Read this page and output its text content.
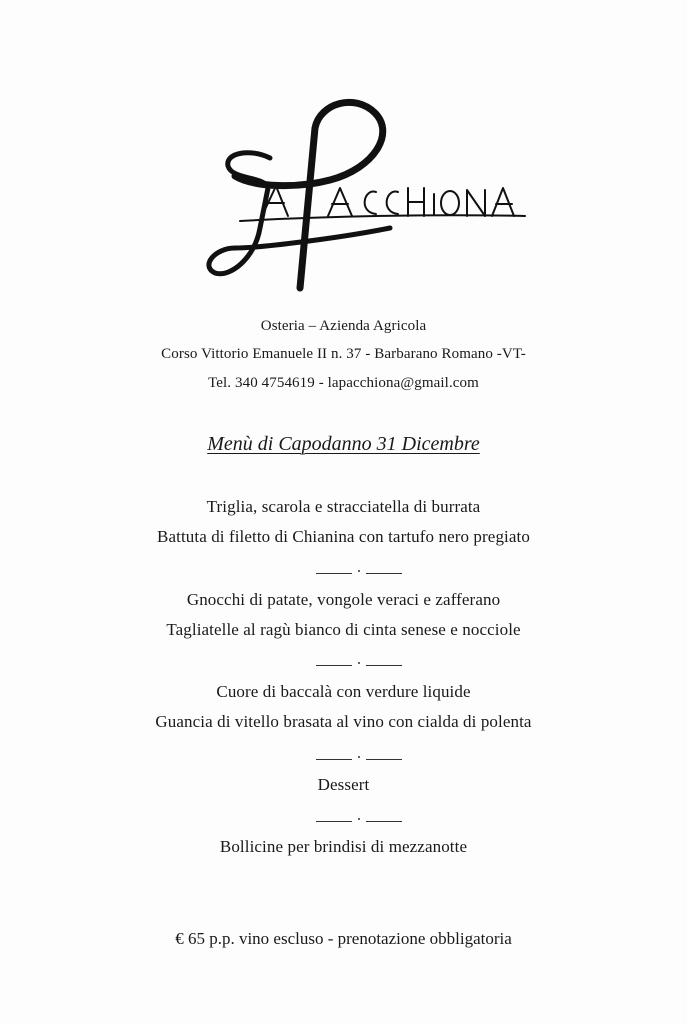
Osteria – Azienda Agricola
Corso Vittorio Emanuele II n. 37 - Barbarano Romano -VT-
Tel. 340 4754619 - lapacchiona@gmail.com
Menù di Capodanno 31 Dicembre
Triglia, scarola e stracciatella di burrata
Battuta di filetto di Chianina con tartufo nero pregiato
Gnocchi di patate, vongole veraci e zafferano
Tagliatelle al ragù bianco di cinta senese e nocciole
Cuore di baccalà con verdure liquide
Guancia di vitello brasata al vino con cialda di polenta
Dessert
Bollicine per brindisi di mezzanotte
€ 65 p.p. vino escluso - prenotazione obbligatoria
